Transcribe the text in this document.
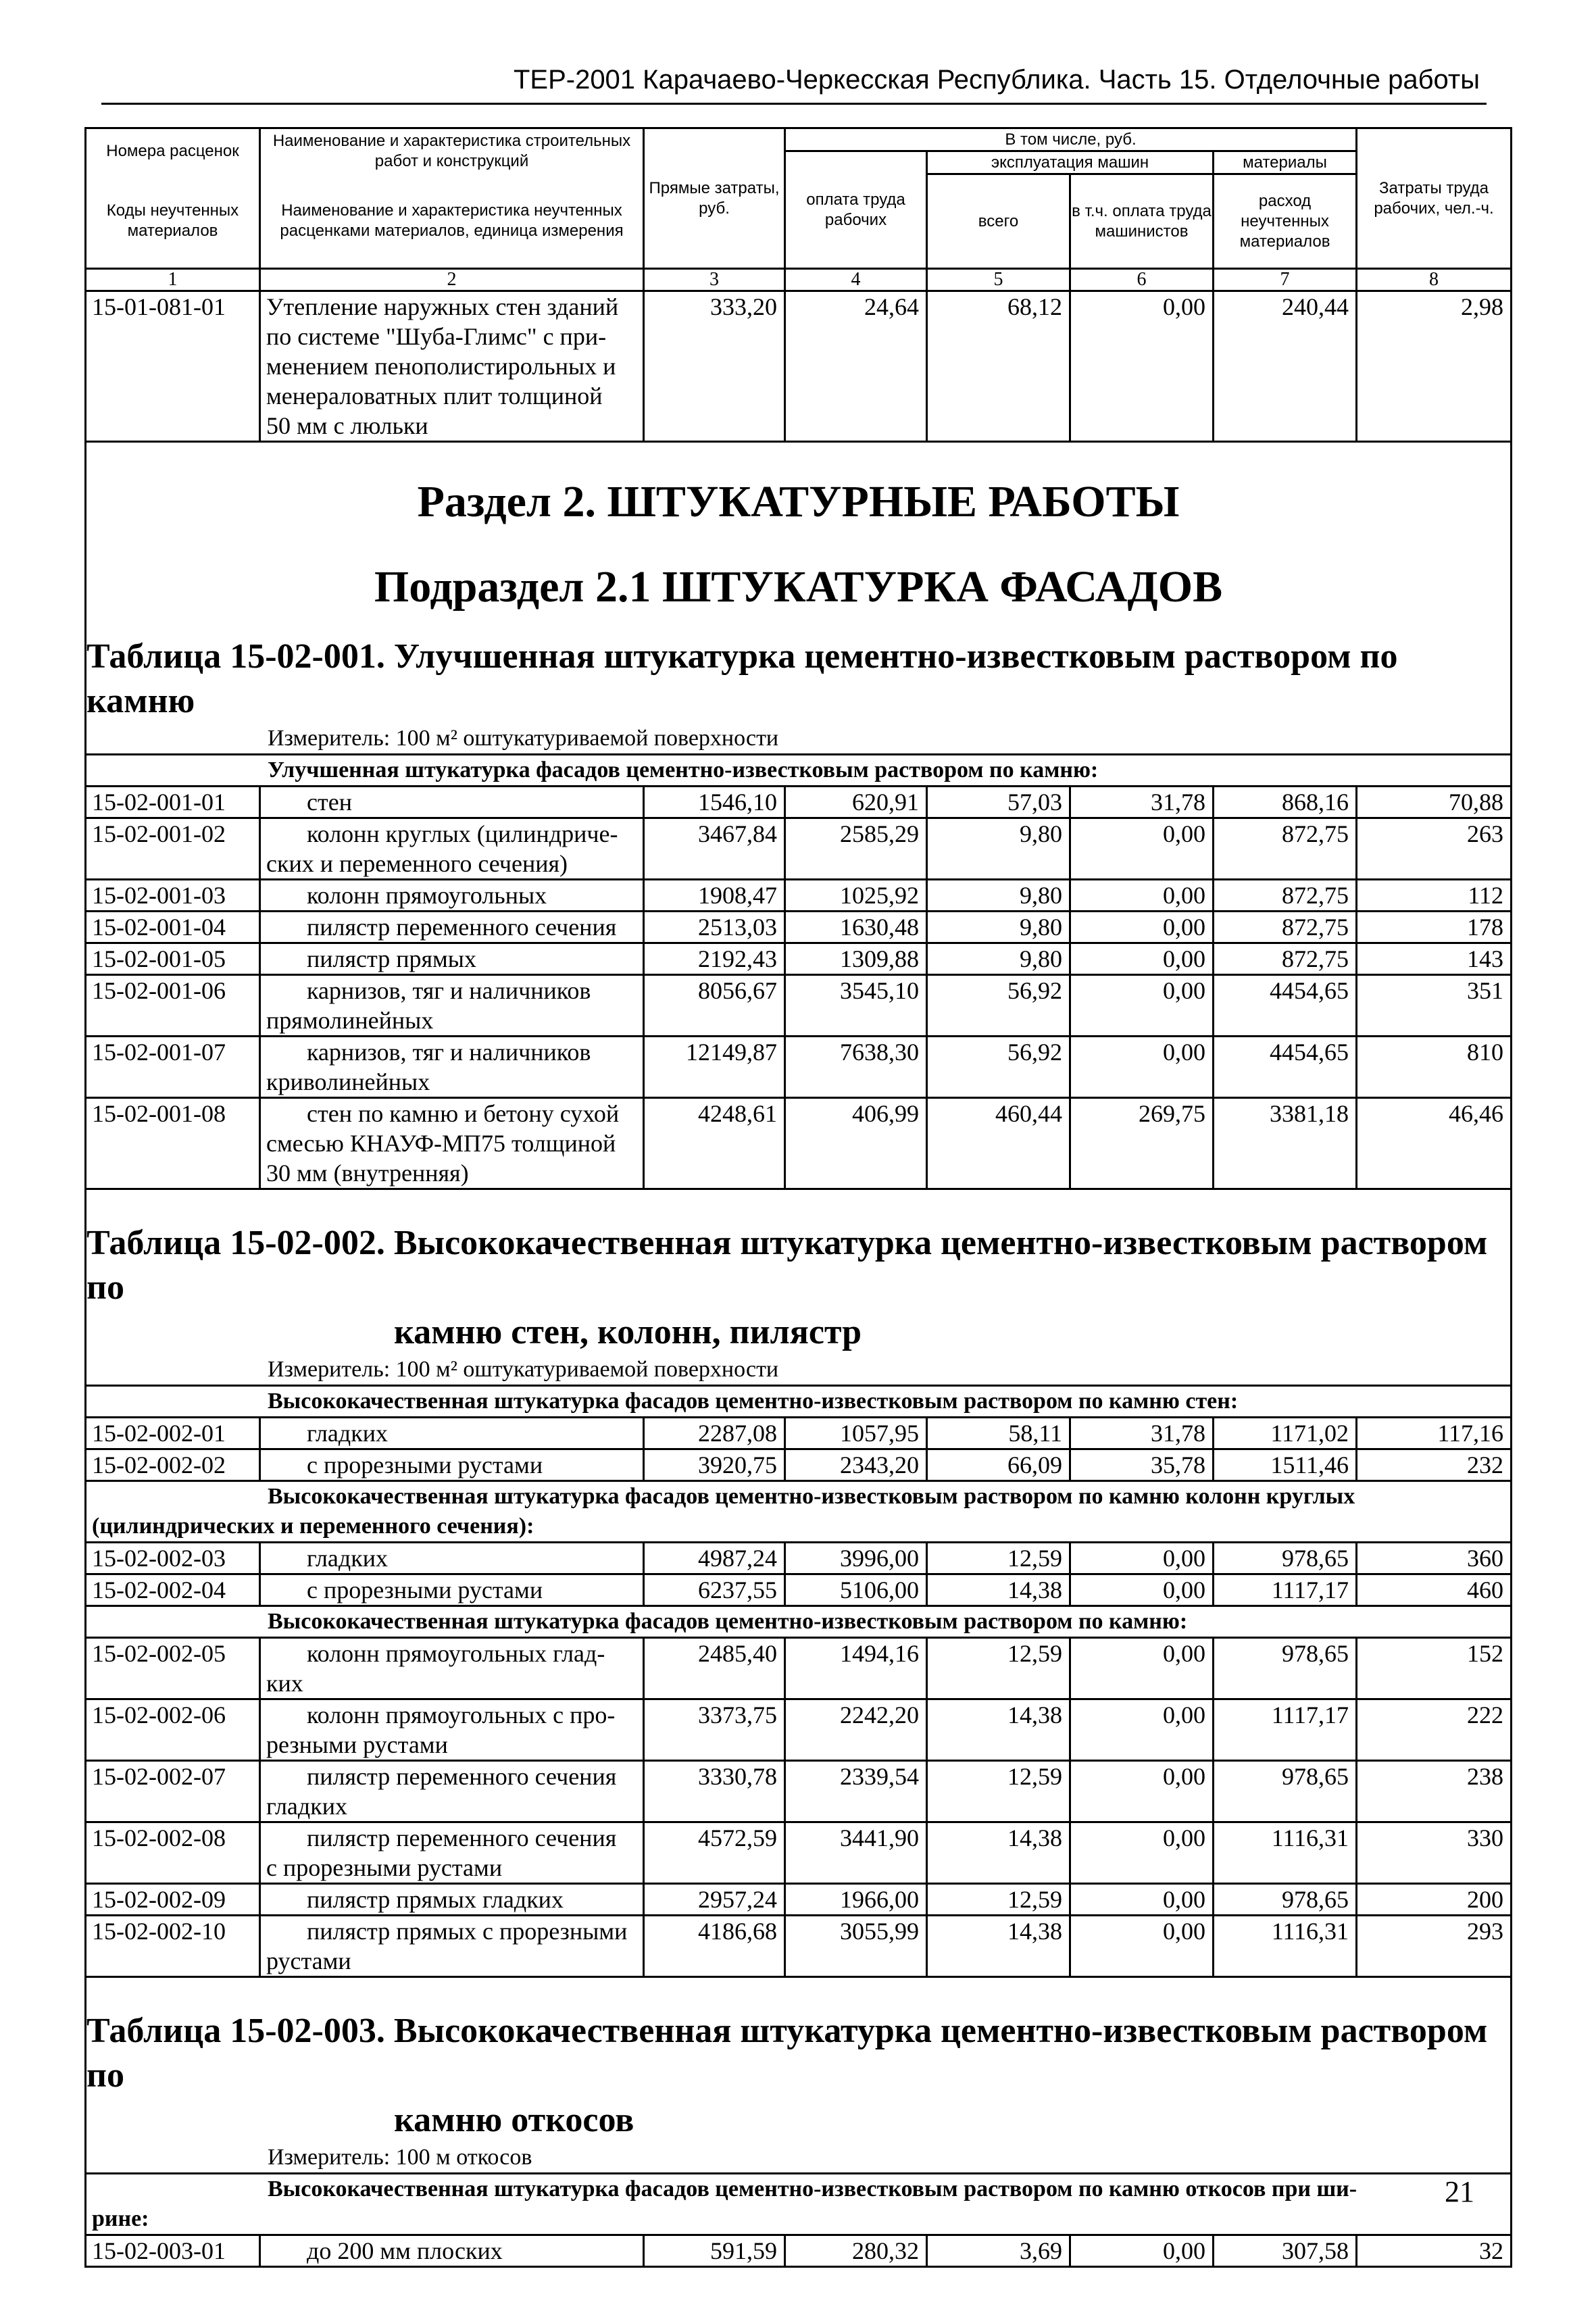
ТЕР-2001 Карачаево-Черкесская Республика. Часть 15. Отделочные работы
Номера расценок	Наименование и характеристика строительных работ и конструкций	Прямые затраты, руб.	В том числе, руб.				Затраты труда рабочих, чел.-ч.
			оплата труда рабочих	эксплуатация машин		материалы	
Коды неучтенных материалов	Наименование и характеристика неучтенных расценками материалов, единица измерения			всего	в т.ч. оплата труда машинистов	расход неучтенных материалов	

1	2	3	4	5	6	7	8
15-01-081-01	Утепление наружных стен зданий
по системе "Шуба-Глимс" с при-
менением пенополистирольных и
менераловатных плит толщиной
50 мм с люльки	333,20	24,64	68,12	0,00	240,44	2,98

Раздел 2. ШТУКАТУРНЫЕ РАБОТЫ
Подраздел 2.1 ШТУКАТУРКА ФАСАДОВ							

Таблица 15-02-001. Улучшенная штукатурка цементно-известковым раствором по камню							

Измеритель: 100 м² оштукатуриваемой поверхности							

Улучшенная штукатурка фасадов цементно-известковым раствором по камню:							

15-02-001-01	стен	1546,10	620,91	57,03	31,78	868,16	70,88
15-02-001-02	колонн круглых (цилиндриче-
ских и переменного сечения)	3467,84	2585,29	9,80	0,00	872,75	263
15-02-001-03	колонн прямоугольных	1908,47	1025,92	9,80	0,00	872,75	112
15-02-001-04	пилястр переменного сечения	2513,03	1630,48	9,80	0,00	872,75	178
15-02-001-05	пилястр прямых	2192,43	1309,88	9,80	0,00	872,75	143
15-02-001-06	карнизов, тяг и наличников
прямолинейных	8056,67	3545,10	56,92	0,00	4454,65	351
15-02-001-07	карнизов, тяг и наличников
криволинейных	12149,87	7638,30	56,92	0,00	4454,65	810
15-02-001-08	стен по камню и бетону сухой
смесью КНАУФ-МП75 толщиной
30 мм (внутренняя)	4248,61	406,99	460,44	269,75	3381,18	46,46

Таблица 15-02-002. Высококачественная штукатурка цементно-известковым раствором по
камню стен, колонн, пилястр							

Измеритель: 100 м² оштукатуриваемой поверхности							

Высококачественная штукатурка фасадов цементно-известковым раствором по камню стен:							

15-02-002-01	гладких	2287,08	1057,95	58,11	31,78	1171,02	117,16
15-02-002-02	с прорезными рустами	3920,75	2343,20	66,09	35,78	1511,46	232

Высококачественная штукатурка фасадов цементно-известковым раствором по камню колонн круглых
(цилиндрических и переменного сечения):							

15-02-002-03	гладких	4987,24	3996,00	12,59	0,00	978,65	360
15-02-002-04	с прорезными рустами	6237,55	5106,00	14,38	0,00	1117,17	460

Высококачественная штукатурка фасадов цементно-известковым раствором по камню:							

15-02-002-05	колонн прямоугольных глад-
ких	2485,40	1494,16	12,59	0,00	978,65	152
15-02-002-06	колонн прямоугольных с про-
резными рустами	3373,75	2242,20	14,38	0,00	1117,17	222
15-02-002-07	пилястр переменного сечения
гладких	3330,78	2339,54	12,59	0,00	978,65	238
15-02-002-08	пилястр переменного сечения
с прорезными рустами	4572,59	3441,90	14,38	0,00	1116,31	330
15-02-002-09	пилястр прямых гладких	2957,24	1966,00	12,59	0,00	978,65	200
15-02-002-10	пилястр прямых с прорезными
рустами	4186,68	3055,99	14,38	0,00	1116,31	293

Таблица 15-02-003. Высококачественная штукатурка цементно-известковым раствором по
камню откосов							

Измеритель: 100 м откосов							

Высококачественная штукатурка фасадов цементно-известковым раствором по камню откосов при ши-
рине:							

15-02-003-01	до 200 мм плоских	591,59	280,32	3,69	0,00	307,58	32
21
